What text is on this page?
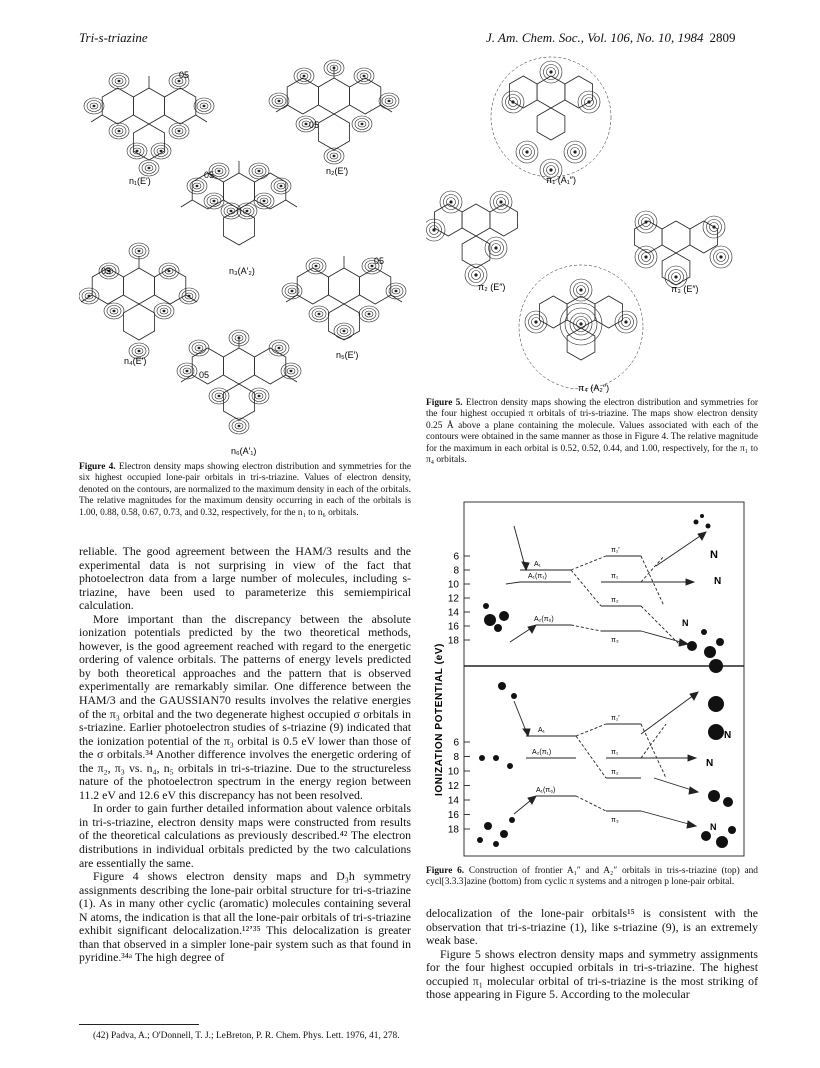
Tri-s-triazine	J. Am. Chem. Soc., Vol. 106, No. 10, 1984 2809
n₁(E′)
n₂(E′)
n₃(A′₂)
n₄(E′)
n₅(E′)
n₆(A′₁)
05
05
05
05
05
05
Figure 4. Electron density maps showing electron distribution and symmetries for the six highest occupied lone-pair orbitals in tri-s-triazine. Values of electron density, denoted on the contours, are normalized to the maximum density in each of the orbitals. The relative magnitudes for the maximum density occurring in each of the orbitals is 1.00, 0.88, 0.58, 0.67, 0.73, and 0.32, respectively, for the n₁ to n₆ orbitals.

reliable. The good agreement between the HAM/3 results and the experimental data is not surprising in view of the fact that photoelectron data from a large number of molecules, including s-triazine, have been used to parameterize this semiempirical calculation.

More important than the discrepancy between the absolute ionization potentials predicted by the two theoretical methods, however, is the good agreement reached with regard to the energetic ordering of valence orbitals. The patterns of energy levels predicted by both theoretical approaches and the pattern that is observed experimentally are remarkably similar. One difference between the HAM/3 and the GAUSSIAN70 results involves the relative energies of the π₃ orbital and the two degenerate highest occupied σ orbitals in s-triazine. Earlier photoelectron studies of s-triazine (9) indicated that the ionization potential of the π₃ orbital is 0.5 eV lower than those of the σ orbitals.³⁴ Another difference involves the energetic ordering of the π₂, π₃ vs. n₄, n₅ orbitals in tri-s-triazine. Due to the structureless nature of the photoelectron spectrum in the energy region between 11.2 eV and 12.6 eV this discrepancy has not been resolved.

In order to gain further detailed information about valence orbitals in tri-s-triazine, electron density maps were constructed from results of the theoretical calculations as previously described.⁴² The electron distributions in individual orbitals predicted by the two calculations are essentially the same.

Figure 4 shows electron density maps and D₃h symmetry assignments describing the lone-pair orbital structure for tri-s-triazine (1). As in many other cyclic (aromatic) molecules containing several N atoms, the indication is that all the lone-pair orbitals of tri-s-triazine exhibit significant delocalization.¹²ʼ³⁵ This delocalization is greater than that observed in a simpler lone-pair system such as that found in pyridine.³⁴ᵃ The high degree of

(42) Padva, A.; O'Donnell, T. J.; LeBreton, P. R. Chem. Phys. Lett. 1976, 41, 278.
π₁ (A₁″)
π₂ (E″)	π₃ (E″)
π₄ (A₂″)
Figure 5. Electron density maps showing the electron distribution and symmetries for the four highest occupied π orbitals of tri-s-triazine. The maps show electron density 0.25 Å above a plane containing the molecule. Values associated with each of the contours were obtained in the same manner as those in Figure 4. The relative magnitude for the maximum in each orbital is 0.52, 0.52, 0.44, and 1.00, respectively, for the π₁ to π₄ orbitals.
IONIZATION POTENTIAL (eV)
6
8
10
12
14
16
18
6
8
10
12
14
16
18
A₁
A₁(π₁)
A₂(π₆)
π₁′
π₁
π₂
π₃
N
N
N
A₁
A₂(π₁)
A₁(π₆)
π₁′
π₁
π₂
π₃
N
N
N
Figure 6. Construction of frontier A₁″ and A₂″ orbitals in tris-s-triazine (top) and cycl[3.3.3]azine (bottom) from cyclic π systems and a nitrogen p lone-pair orbital.

delocalization of the lone-pair orbitals¹⁵ is consistent with the observation that tri-s-triazine (1), like s-triazine (9), is an extremely weak base.

Figure 5 shows electron density maps and symmetry assignments for the four highest occupied orbitals in tri-s-triazine. The highest occupied π₁ molecular orbital of tri-s-triazine is the most striking of those appearing in Figure 5. According to the molecular
